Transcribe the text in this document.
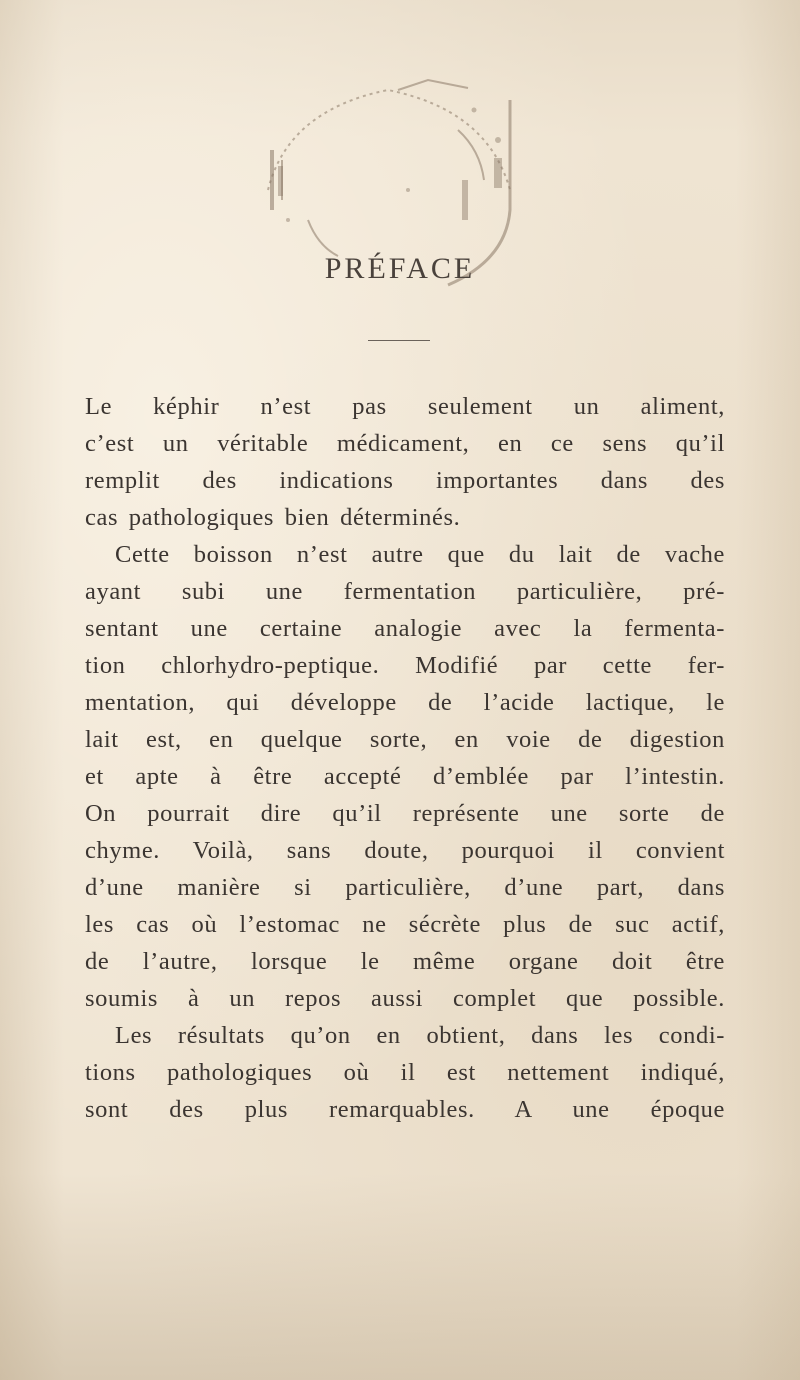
PRÉFACE
Le képhir n’est pas seulement un aliment,
c’est un véritable médicament, en ce sens qu’il
remplit des indications importantes dans des
cas pathologiques bien déterminés.
Cette boisson n’est autre que du lait de vache
ayant subi une fermentation particulière, pré-
sentant une certaine analogie avec la fermenta-
tion chlorhydro-peptique. Modifié par cette fer-
mentation, qui développe de l’acide lactique, le
lait est, en quelque sorte, en voie de digestion
et apte à être accepté d’emblée par l’intestin.
On pourrait dire qu’il représente une sorte de
chyme. Voilà, sans doute, pourquoi il convient
d’une manière si particulière, d’une part, dans
les cas où l’estomac ne sécrète plus de suc actif,
de l’autre, lorsque le même organe doit être
soumis à un repos aussi complet que possible.
Les résultats qu’on en obtient, dans les condi-
tions pathologiques où il est nettement indiqué,
sont des plus remarquables. A une époque
